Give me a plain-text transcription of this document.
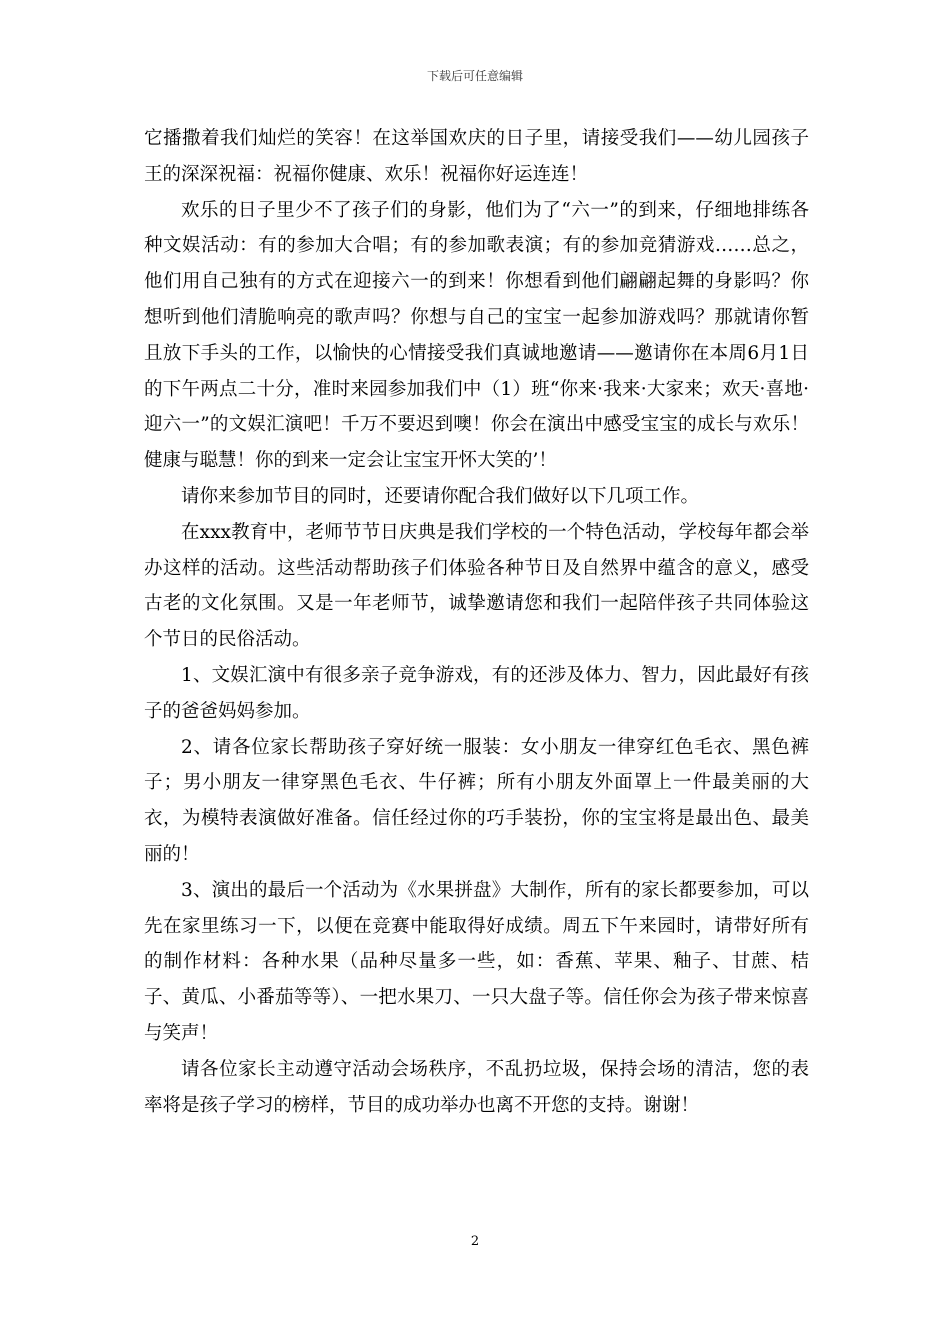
下载后可任意编辑

它播撒着我们灿烂的笑容！在这举国欢庆的日子里，请接受我们——幼儿园孩子王的深深祝福：祝福你健康、欢乐！祝福你好运连连！

欢乐的日子里少不了孩子们的身影，他们为了“六一”的到来，仔细地排练各种文娱活动：有的参加大合唱；有的参加歌表演；有的参加竞猜游戏……总之，他们用自己独有的方式在迎接六一的到来！你想看到他们翩翩起舞的身影吗？你想听到他们清脆响亮的歌声吗？你想与自己的宝宝一起参加游戏吗？那就请你暂且放下手头的工作，以愉快的心情接受我们真诚地邀请——邀请你在本周6月1日的下午两点二十分，准时来园参加我们中（1）班“你来·我来·大家来；欢天·喜地·迎六一”的文娱汇演吧！千万不要迟到噢！你会在演出中感受宝宝的成长与欢乐！健康与聪慧！你的到来一定会让宝宝开怀大笑的’！

请你来参加节目的同时，还要请你配合我们做好以下几项工作。

在xxx教育中，老师节节日庆典是我们学校的一个特色活动，学校每年都会举办这样的活动。这些活动帮助孩子们体验各种节日及自然界中蕴含的意义，感受古老的文化氛围。又是一年老师节，诚挚邀请您和我们一起陪伴孩子共同体验这个节日的民俗活动。

1、文娱汇演中有很多亲子竞争游戏，有的还涉及体力、智力，因此最好有孩子的爸爸妈妈参加。

2、请各位家长帮助孩子穿好统一服装：女小朋友一律穿红色毛衣、黑色裤子；男小朋友一律穿黑色毛衣、牛仔裤；所有小朋友外面罩上一件最美丽的大衣，为模特表演做好准备。信任经过你的巧手装扮，你的宝宝将是最出色、最美丽的！

3、演出的最后一个活动为《水果拼盘》大制作，所有的家长都要参加，可以先在家里练习一下，以便在竞赛中能取得好成绩。周五下午来园时，请带好所有的制作材料：各种水果（品种尽量多一些，如：香蕉、苹果、釉子、甘蔗、桔子、黄瓜、小番茄等等）、一把水果刀、一只大盘子等。信任你会为孩子带来惊喜与笑声！

请各位家长主动遵守活动会场秩序，不乱扔垃圾，保持会场的清洁，您的表率将是孩子学习的榜样，节目的成功举办也离不开您的支持。谢谢！

2
